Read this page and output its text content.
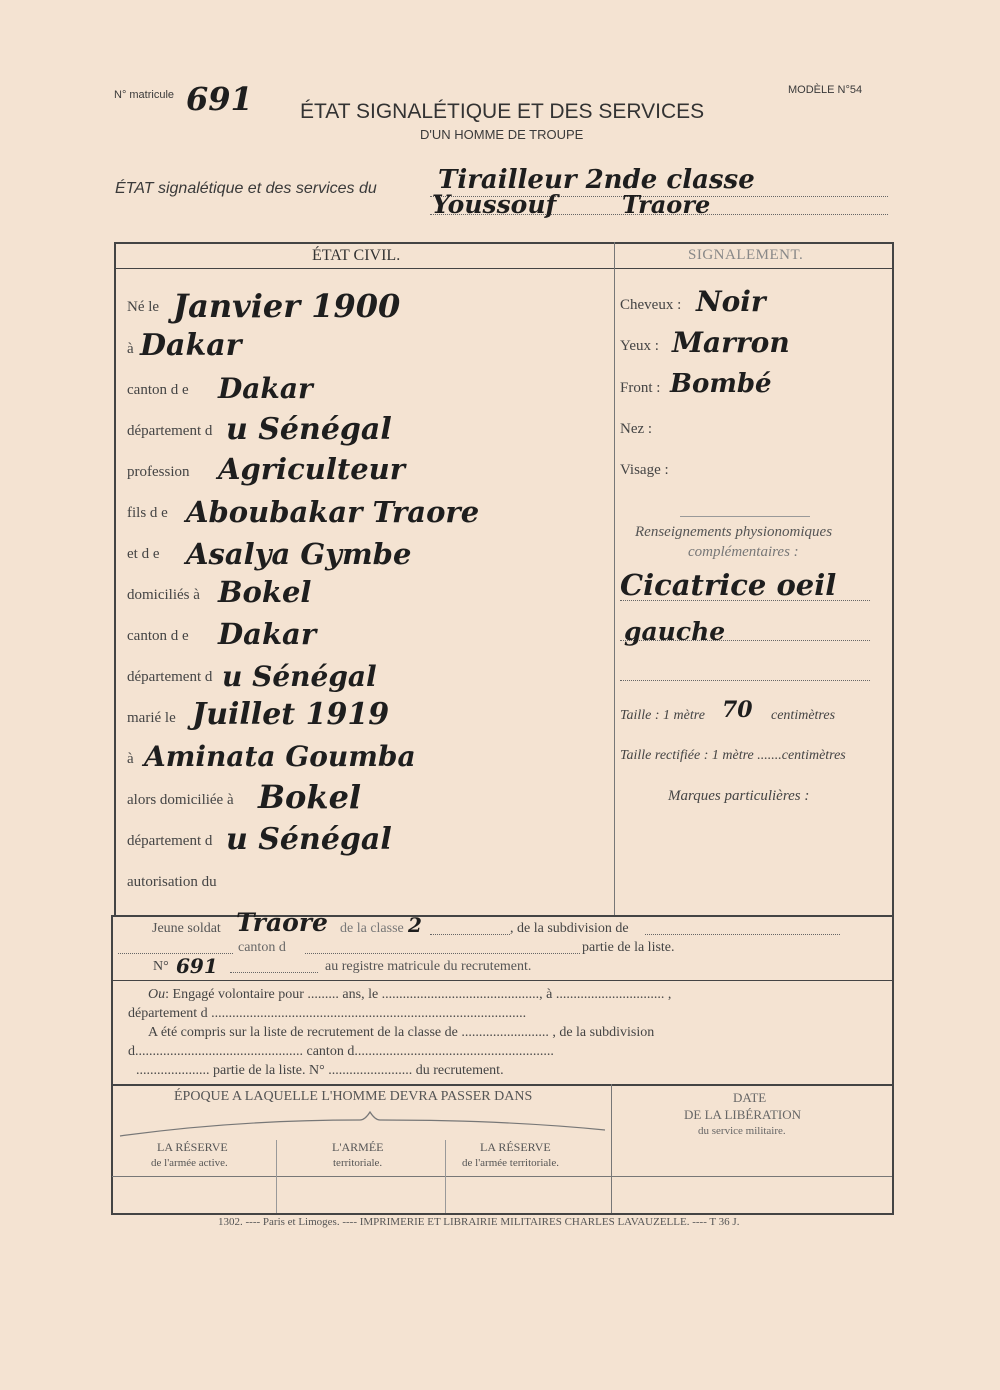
N° matricule 691	MODÈLE N°54
ÉTAT SIGNALÉTIQUE ET DES SERVICES
D'UN HOMME DE TROUPE
ÉTAT signalétique et des services du Tirailleur 2nde classe
Youssouf	Traore
ÉTAT CIVIL.
Né le Janvier 1900
à Dakar
canton d e Dakar
département d u Sénégal
profession Agriculteur
fils d e Aboubakar Traore
et d e Asalya Gymbe
domiciliés à Bokel
canton d e Dakar
département d u Sénégal
marié le Juillet 1919
à Aminata Goumba
alors domiciliée à Bokel
département d u Sénégal
autorisation du
SIGNALEMENT.
Cheveux : Noir
Yeux : Marron
Front : Bombé
Nez :
Visage :
Renseignements physionomiques
complémentaires :
Cicatrice oeil
gauche
Taille : 1 mètre 70 centimètres
Taille rectifiée : 1 mètre .......centimètres
Marques particulières :
Jeune soldat Traore de la classe 2	, de la subdivision de
canton d	partie de la liste.
N° 691	au registre matricule du recrutement.
Ou: Engagé volontaire pour ......... ans, le ............................................., à ............................... ,
département d ..........................................................................................
A été compris sur la liste de recrutement de la classe de ......................... , de la subdivision
d................................................ canton d.........................................................
..................... partie de la liste. N° ........................ du recrutement.
ÉPOQUE A LAQUELLE L'HOMME DEVRA PASSER DANS
LA RÉSERVE
de l'armée active.
L'ARMÉE
territoriale.
LA RÉSERVE
de l'armée territoriale.
DATE
DE LA LIBÉRATION
du service militaire.
1302. ---- Paris et Limoges. ---- IMPRIMERIE ET LIBRAIRIE MILITAIRES CHARLES LAVAUZELLE. ---- T 36 J.
